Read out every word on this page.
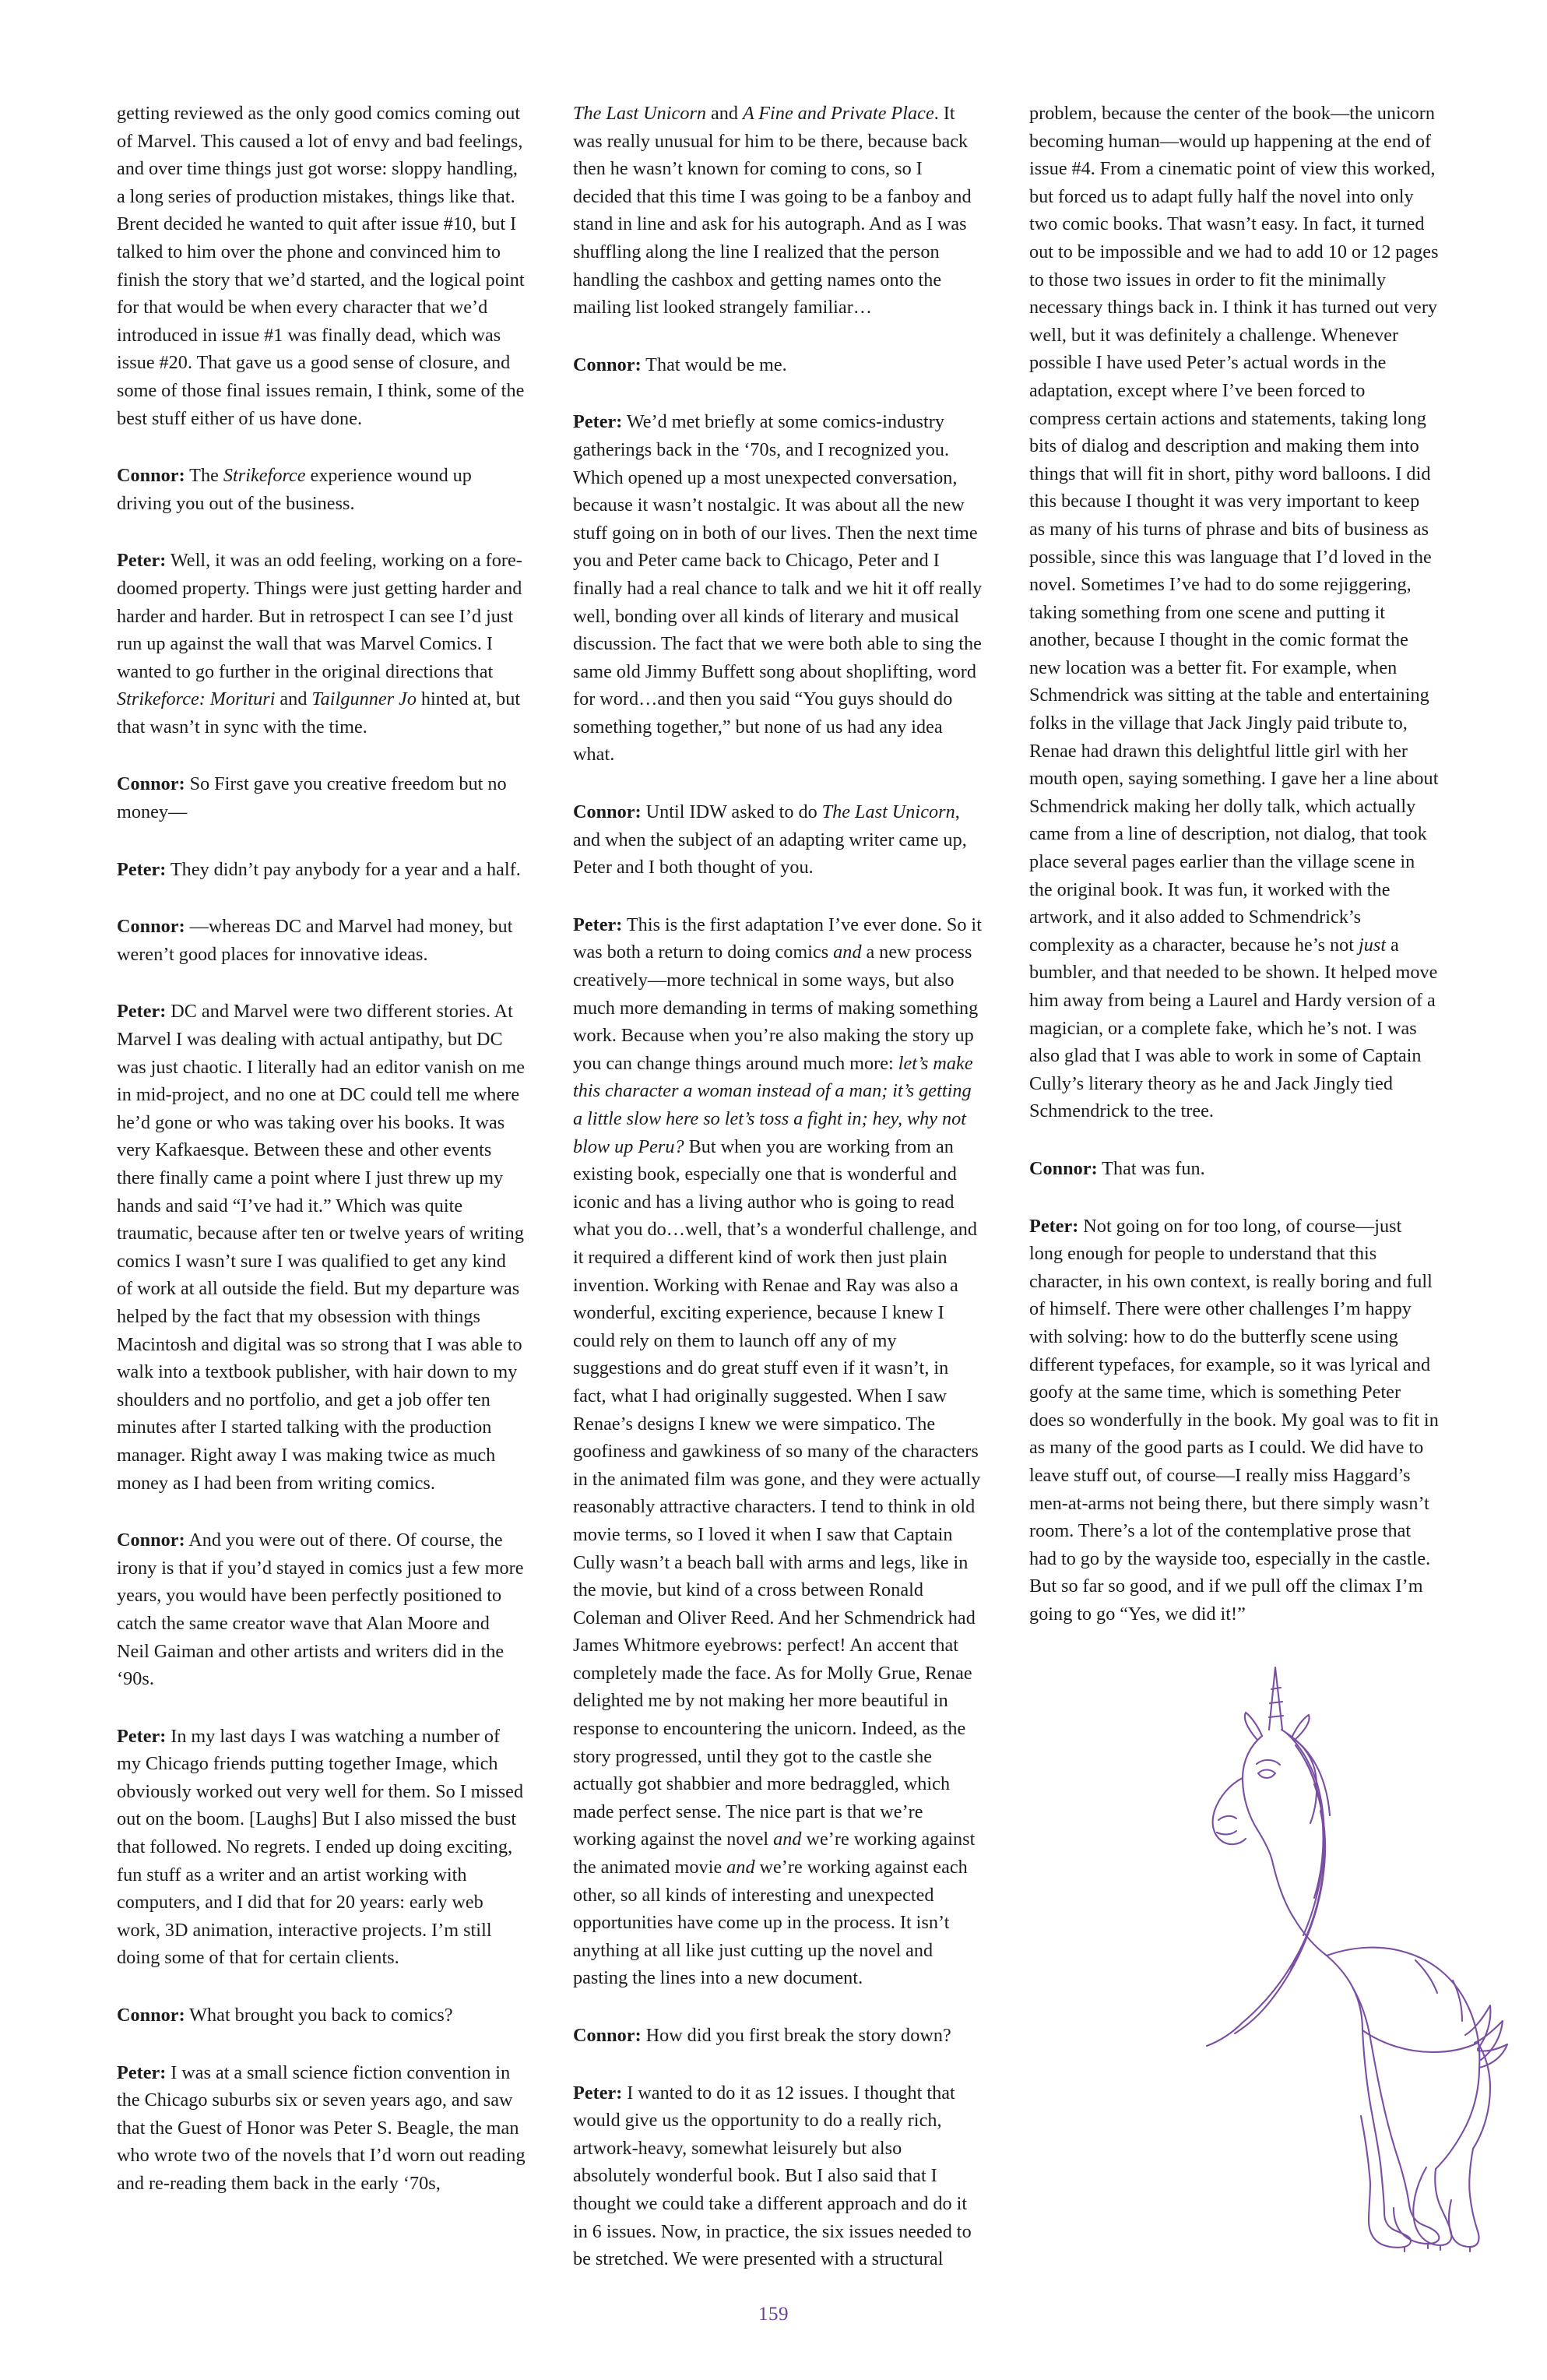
getting reviewed as the only good comics coming out of Marvel. This caused a lot of envy and bad feelings, and over time things just got worse: sloppy handling, a long series of production mistakes, things like that. Brent decided he wanted to quit after issue #10, but I talked to him over the phone and convinced him to finish the story that we’d started, and the logical point for that would be when every character that we’d introduced in issue #1 was finally dead, which was issue #20. That gave us a good sense of closure, and some of those final issues remain, I think, some of the best stuff either of us have done.

Connor: The Strikeforce experience wound up driving you out of the business.

Peter: Well, it was an odd feeling, working on a fore-doomed property. Things were just getting harder and harder and harder. But in retrospect I can see I’d just run up against the wall that was Marvel Comics. I wanted to go further in the original directions that Strikeforce: Morituri and Tailgunner Jo hinted at, but that wasn’t in sync with the time.

Connor: So First gave you creative freedom but no money—

Peter: They didn’t pay anybody for a year and a half.

Connor: —whereas DC and Marvel had money, but weren’t good places for innovative ideas.

Peter: DC and Marvel were two different stories. At Marvel I was dealing with actual antipathy, but DC was just chaotic. I literally had an editor vanish on me in mid-project, and no one at DC could tell me where he’d gone or who was taking over his books. It was very Kafkaesque. Between these and other events there finally came a point where I just threw up my hands and said “I’ve had it.” Which was quite traumatic, because after ten or twelve years of writing comics I wasn’t sure I was qualified to get any kind of work at all outside the field. But my departure was helped by the fact that my obsession with things Macintosh and digital was so strong that I was able to walk into a textbook publisher, with hair down to my shoulders and no portfolio, and get a job offer ten minutes after I started talking with the production manager. Right away I was making twice as much money as I had been from writing comics.

Connor: And you were out of there. Of course, the irony is that if you’d stayed in comics just a few more years, you would have been perfectly positioned to catch the same creator wave that Alan Moore and Neil Gaiman and other artists and writers did in the ‘90s.

Peter: In my last days I was watching a number of my Chicago friends putting together Image, which obviously worked out very well for them. So I missed out on the boom. [Laughs] But I also missed the bust that followed. No regrets. I ended up doing exciting, fun stuff as a writer and an artist working with computers, and I did that for 20 years: early web work, 3D animation, interactive projects. I’m still doing some of that for certain clients.

Connor: What brought you back to comics?

Peter: I was at a small science fiction convention in the Chicago suburbs six or seven years ago, and saw that the Guest of Honor was Peter S. Beagle, the man who wrote two of the novels that I’d worn out reading and re-reading them back in the early ‘70s,

The Last Unicorn and A Fine and Private Place. It was really unusual for him to be there, because back then he wasn’t known for coming to cons, so I decided that this time I was going to be a fanboy and stand in line and ask for his autograph. And as I was shuffling along the line I realized that the person handling the cashbox and getting names onto the mailing list looked strangely familiar…

Connor: That would be me.

Peter: We’d met briefly at some comics-industry gatherings back in the ‘70s, and I recognized you. Which opened up a most unexpected conversation, because it wasn’t nostalgic. It was about all the new stuff going on in both of our lives. Then the next time you and Peter came back to Chicago, Peter and I finally had a real chance to talk and we hit it off really well, bonding over all kinds of literary and musical discussion. The fact that we were both able to sing the same old Jimmy Buffett song about shoplifting, word for word…and then you said “You guys should do something together,” but none of us had any idea what.

Connor: Until IDW asked to do The Last Unicorn, and when the subject of an adapting writer came up, Peter and I both thought of you.

Peter: This is the first adaptation I’ve ever done. So it was both a return to doing comics and a new process creatively—more technical in some ways, but also much more demanding in terms of making something work. Because when you’re also making the story up you can change things around much more: let’s make this character a woman instead of a man; it’s getting a little slow here so let’s toss a fight in; hey, why not blow up Peru? But when you are working from an existing book, especially one that is wonderful and iconic and has a living author who is going to read what you do…well, that’s a wonderful challenge, and it required a different kind of work then just plain invention. Working with Renae and Ray was also a wonderful, exciting experience, because I knew I could rely on them to launch off any of my suggestions and do great stuff even if it wasn’t, in fact, what I had originally suggested. When I saw Renae’s designs I knew we were simpatico. The goofiness and gawkiness of so many of the characters in the animated film was gone, and they were actually reasonably attractive characters. I tend to think in old movie terms, so I loved it when I saw that Captain Cully wasn’t a beach ball with arms and legs, like in the movie, but kind of a cross between Ronald Coleman and Oliver Reed. And her Schmendrick had James Whitmore eyebrows: perfect! An accent that completely made the face. As for Molly Grue, Renae delighted me by not making her more beautiful in response to encountering the unicorn. Indeed, as the story progressed, until they got to the castle she actually got shabbier and more bedraggled, which made perfect sense. The nice part is that we’re working against the novel and we’re working against the animated movie and we’re working against each other, so all kinds of interesting and unexpected opportunities have come up in the process. It isn’t anything at all like just cutting up the novel and pasting the lines into a new document.

Connor: How did you first break the story down?

Peter: I wanted to do it as 12 issues. I thought that would give us the opportunity to do a really rich, artwork-heavy, somewhat leisurely but also absolutely wonderful book. But I also said that I thought we could take a different approach and do it in 6 issues. Now, in practice, the six issues needed to be stretched. We were presented with a structural

problem, because the center of the book—the unicorn becoming human—would up happening at the end of issue #4. From a cinematic point of view this worked, but forced us to adapt fully half the novel into only two comic books. That wasn’t easy. In fact, it turned out to be impossible and we had to add 10 or 12 pages to those two issues in order to fit the minimally necessary things back in. I think it has turned out very well, but it was definitely a challenge. Whenever possible I have used Peter’s actual words in the adaptation, except where I’ve been forced to compress certain actions and statements, taking long bits of dialog and description and making them into things that will fit in short, pithy word balloons. I did this because I thought it was very important to keep as many of his turns of phrase and bits of business as possible, since this was language that I’d loved in the novel. Sometimes I’ve had to do some rejiggering, taking something from one scene and putting it another, because I thought in the comic format the new location was a better fit. For example, when Schmendrick was sitting at the table and entertaining folks in the village that Jack Jingly paid tribute to, Renae had drawn this delightful little girl with her mouth open, saying something. I gave her a line about Schmendrick making her dolly talk, which actually came from a line of description, not dialog, that took place several pages earlier than the village scene in the original book. It was fun, it worked with the artwork, and it also added to Schmendrick’s complexity as a character, because he’s not just a bumbler, and that needed to be shown. It helped move him away from being a Laurel and Hardy version of a magician, or a complete fake, which he’s not. I was also glad that I was able to work in some of Captain Cully’s literary theory as he and Jack Jingly tied Schmendrick to the tree.

Connor: That was fun.

Peter: Not going on for too long, of course—just long enough for people to understand that this character, in his own context, is really boring and full of himself. There were other challenges I’m happy with solving: how to do the butterfly scene using different typefaces, for example, so it was lyrical and goofy at the same time, which is something Peter does so wonderfully in the book. My goal was to fit in as many of the good parts as I could. We did have to leave stuff out, of course—I really miss Haggard’s men-at-arms not being there, but there simply wasn’t room. There’s a lot of the contemplative prose that had to go by the wayside too, especially in the castle. But so far so good, and if we pull off the climax I’m going to go “Yes, we did it!”

159
